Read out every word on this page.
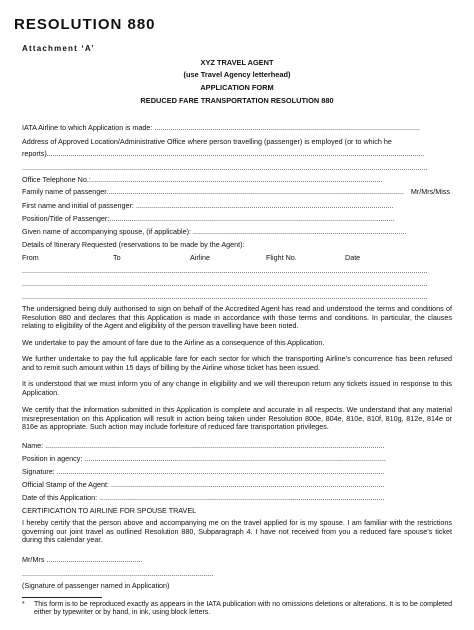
RESOLUTION 880
Attachment ‘A’
XYZ TRAVEL AGENT
(use Travel Agency letterhead)
APPLICATION FORM
REDUCED FARE TRANSPORTATION RESOLUTION 880
IATA Airline to which Application is made: .....................................................................................................................................
Address of Approved Location/Administrative Office where person travelling (passenger) is employed (or to which he
reports).............................................................................................................................................................................................
...........................................................................................................................................................................................................
Office Telephone No.:..................................................................................................................................................
Family name of passenger..................................................................................................................................................... Mr/Mrs/Miss
First name and initial of passenger: .................................................................................................................................
Position/Title of Passenger:...............................................................................................................................................
Given name of accompanying spouse, (if applicable): ...........................................................................................................
Details of Itinerary Requested (reservations to be made by the Agent):
From	To	Airline	Flight No.	Date
...........................................................................................................................................................................................................
...........................................................................................................................................................................................................
...........................................................................................................................................................................................................
The undersigned being duly authorised to sign on behalf of the Accredited Agent has read and understood the terms and conditions of Resolution 880 and declares that this Application is made in accordance with those terms and conditions. In particular, the clauses relating to eligibility of the Agent and eligibility of the person travelling have been noted.
We undertake to pay the amount of fare due to the Airline as a consequence of this Application.
We further undertake to pay the full applicable fare for each sector for which the transporting Airline’s concurrence has been refused and to remit such amount within 15 days of billing by the Airline whose ticket has been issued.
It is understood that we must inform you of any change in eligibility and we will thereupon return any tickets issued in response to this Application.
We certify that the information submitted in this Application is complete and accurate in all respects. We understand that any material misrepresentation on this Application will result in action being taken under Resolution 800e, 804e, 810e, 810f, 810g, 812e, 814e or 816e as appropriate. Such action may include forfeiture of reduced fare transportation privileges.
Name: ..........................................................................................................................................................................
Position in agency: .......................................................................................................................................................
Signature: ....................................................................................................................................................................
Official Stamp of the Agent: .........................................................................................................................................
Date of this Application: ...............................................................................................................................................
CERTIFICATION TO AIRLINE FOR SPOUSE TRAVEL
I hereby certify that the person above and accompanying me on the travel applied for is my spouse. I am familiar with the restrictions governing our joint travel as outlined Resolution 880, Subparagraph 4. I have not received from you a reduced fare spouse’s ticket during this calendar year.
Mr/Mrs ................................................
................................................................................................
(Signature of passenger named in Application)
* This form is to be reproduced exactly as appears in the IATA publication with no omissions deletions or alterations. It is to be completed either by typewriter or by hand, in ink, using block letters.
